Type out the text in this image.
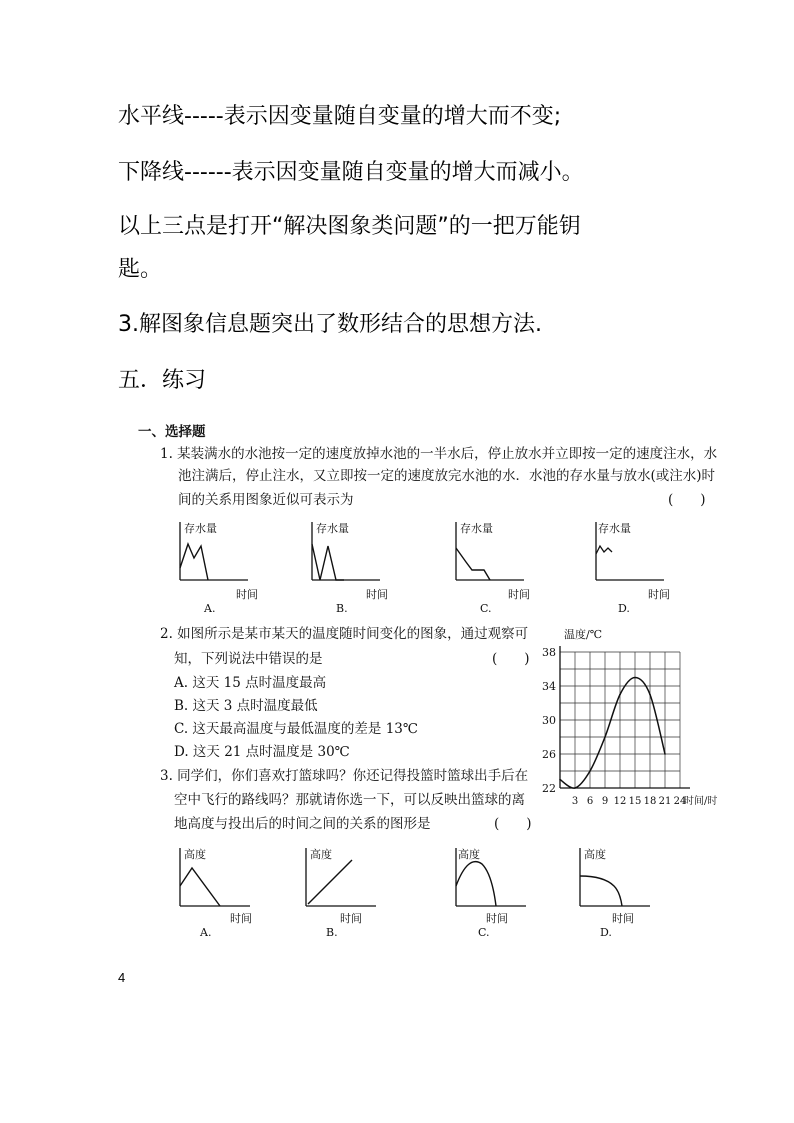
水平线-----表示因变量随自变量的增大而不变;
下降线------表示因变量随自变量的增大而减小。
以上三点是打开“解决图象类问题”的一把万能钥
匙。
3.解图象信息题突出了数形结合的思想方法.
五．练习
一、选择题
1. 某装满水的水池按一定的速度放掉水池的一半水后，停止放水并立即按一定的速度注水，水
池注满后，停止注水，又立即按一定的速度放完水池的水．水池的存水量与放水(或注水)时
间的关系用图象近似可表示为	(　　)
存水量
时间
A.
存水量
时间
B.
存水量
时间
C.
存水量
时间
D.
2. 如图所示是某市某天的温度随时间变化的图象，通过观察可
知，下列说法中错误的是	(　　)
A. 这天 15 点时温度最高
B. 这天 3 点时温度最低
C. 这天最高温度与最低温度的差是 13℃
D. 这天 21 点时温度是 30℃
温度/℃
时间/时
22
26
30
34
38
3 6 9 12 15 18 21 24
3. 同学们，你们喜欢打篮球吗？你还记得投篮时篮球出手后在
空中飞行的路线吗？那就请你选一下，可以反映出篮球的离
地高度与投出后的时间之间的关系的图形是	(　　)
高度
时间
A.
高度
时间
B.
高度
时间
C.
高度
时间
D.
4
